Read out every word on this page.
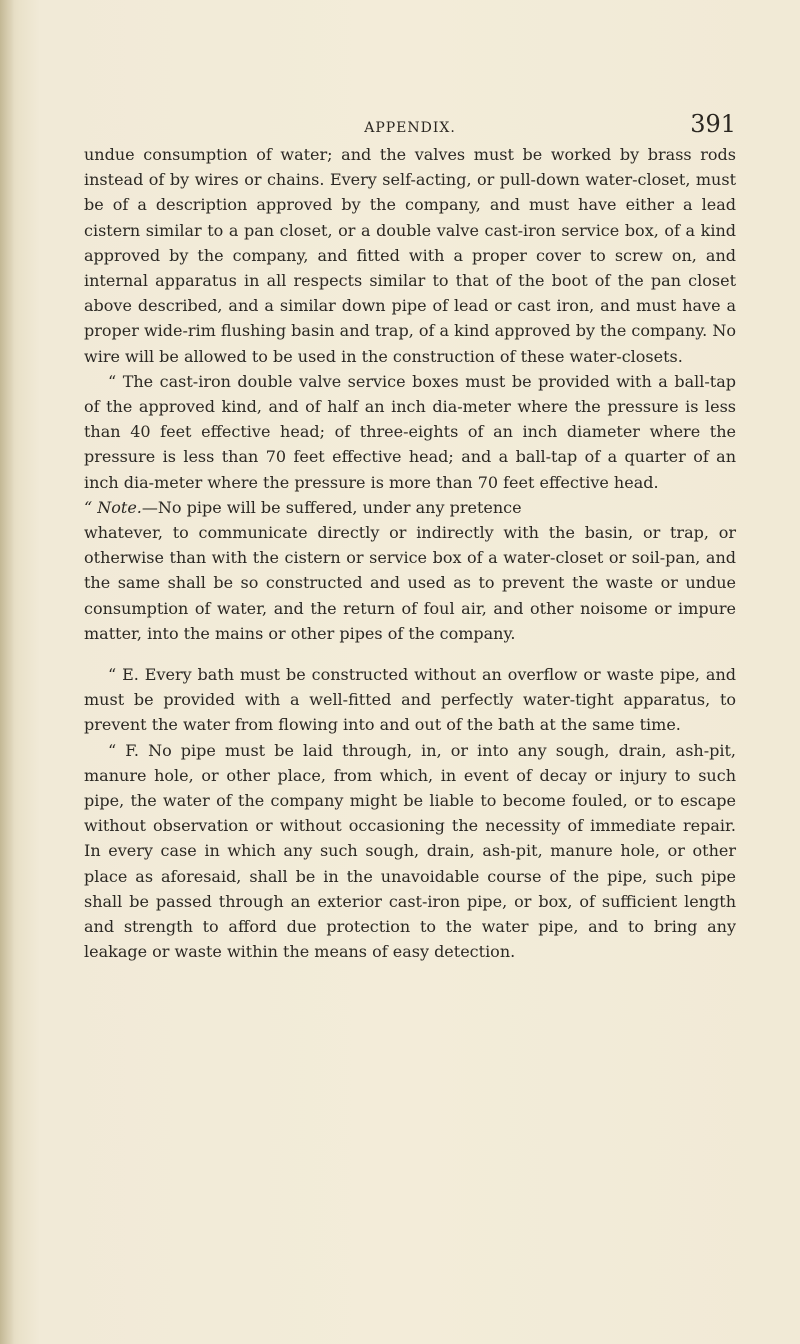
APPENDIX.	391

undue consumption of water; and the valves must be worked by brass rods instead of by wires or chains. Every self-acting, or pull-down water-closet, must be of a description approved by the company, and must have either a lead cistern similar to a pan closet, or a double valve cast-iron service box, of a kind approved by the company, and fitted with a proper cover to screw on, and internal apparatus in all respects similar to that of the boot of the pan closet above described, and a similar down pipe of lead or cast iron, and must have a proper wide-rim flushing basin and trap, of a kind approved by the company. No wire will be allowed to be used in the construction of these water-closets.

“ The cast-iron double valve service boxes must be provided with a ball-tap of the approved kind, and of half an inch dia-meter where the pressure is less than 40 feet effective head; of three-eights of an inch diameter where the pressure is less than 70 feet effective head; and a ball-tap of a quarter of an inch dia-meter where the pressure is more than 70 feet effective head.

“ Note.—No pipe will be suffered, under any pretence

whatever, to communicate directly or indirectly with the basin, or trap, or otherwise than with the cistern or service box of a water-closet or soil-pan, and the same shall be so constructed and used as to prevent the waste or undue consumption of water, and the return of foul air, and other noisome or impure matter, into the mains or other pipes of the company.

“ E. Every bath must be constructed without an overflow or waste pipe, and must be provided with a well-fitted and perfectly water-tight apparatus, to prevent the water from flowing into and out of the bath at the same time.

“ F. No pipe must be laid through, in, or into any sough, drain, ash-pit, manure hole, or other place, from which, in event of decay or injury to such pipe, the water of the company might be liable to become fouled, or to escape without observation or without occasioning the necessity of immediate repair. In every case in which any such sough, drain, ash-pit, manure hole, or other place as aforesaid, shall be in the unavoidable course of the pipe, such pipe shall be passed through an exterior cast-iron pipe, or box, of sufficient length and strength to afford due protection to the water pipe, and to bring any leakage or waste within the means of easy detection.
